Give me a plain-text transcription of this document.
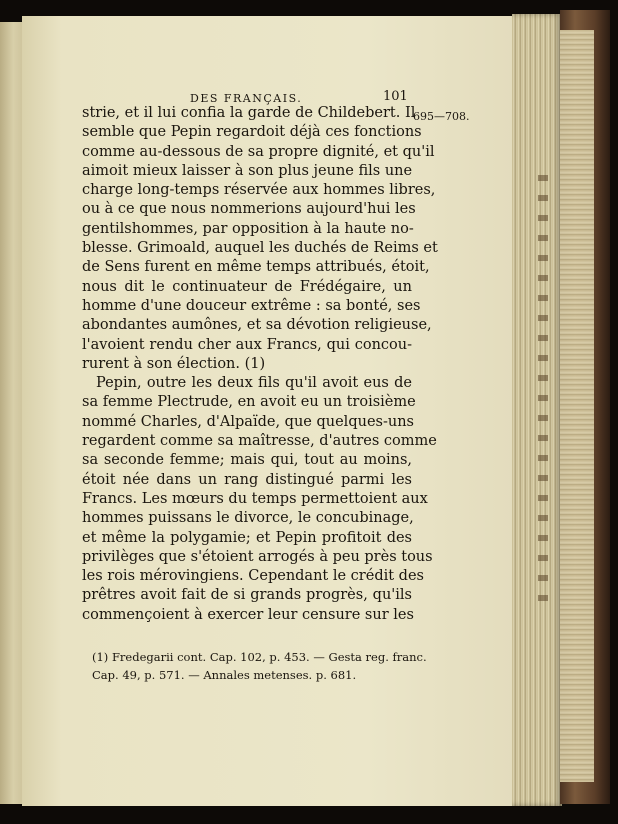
DES FRANÇAIS.	101
695—708.
strie, et il lui confia la garde de Childebert. Il
semble que Pepin regardoit déjà ces fonctions
comme au-dessous de sa propre dignité, et qu'il
aimoit mieux laisser à son plus jeune fils une
charge long-temps réservée aux hommes libres,
ou à ce que nous nommerions aujourd'hui les
gentilshommes, par opposition à la haute no-
blesse. Grimoald, auquel les duchés de Reims et
de Sens furent en même temps attribués, étoit,
nous dit le continuateur de Frédégaire, un
homme d'une douceur extrême : sa bonté, ses
abondantes aumônes, et sa dévotion religieuse,
l'avoient rendu cher aux Francs, qui concou-
rurent à son élection. (1)
Pepin, outre les deux fils qu'il avoit eus de
sa femme Plectrude, en avoit eu un troisième
nommé Charles, d'Alpaïde, que quelques-uns
regardent comme sa maîtresse, d'autres comme
sa seconde femme; mais qui, tout au moins,
étoit née dans un rang distingué parmi les
Francs. Les mœurs du temps permettoient aux
hommes puissans le divorce, le concubinage,
et même la polygamie; et Pepin profitoit des
privilèges que s'étoient arrogés à peu près tous
les rois mérovingiens. Cependant le crédit des
prêtres avoit fait de si grands progrès, qu'ils
commençoient à exercer leur censure sur les
(1) Fredegarii cont. Cap. 102, p. 453. — Gesta reg. franc.
Cap. 49, p. 571. — Annales metenses. p. 681.
